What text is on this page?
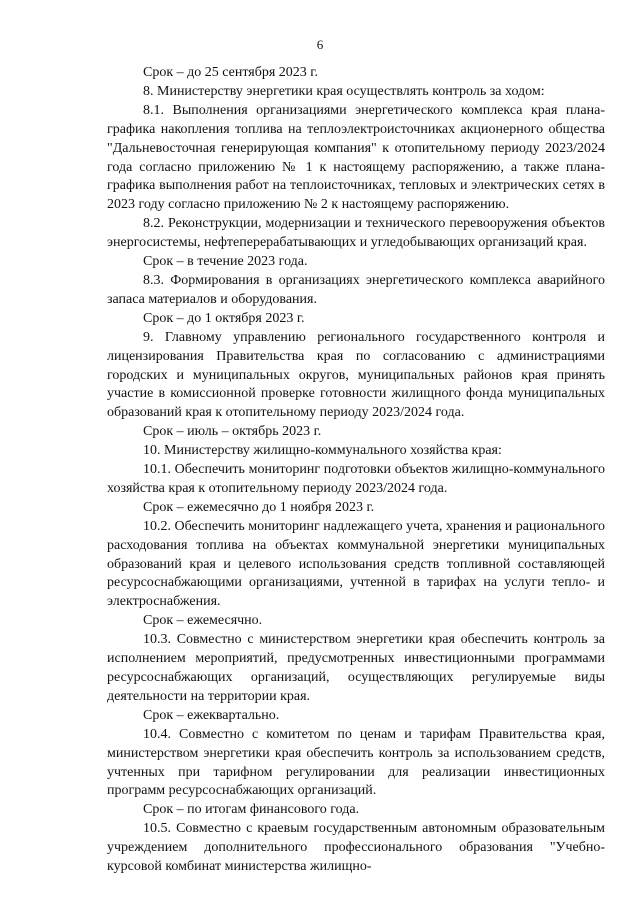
6

Срок – до 25 сентября 2023 г.

8. Министерству энергетики края осуществлять контроль за ходом:

8.1. Выполнения организациями энергетического комплекса края плана-графика накопления топлива на теплоэлектроисточниках акционерного общества "Дальневосточная генерирующая компания" к отопительному периоду 2023/2024 года согласно приложению № 1 к настоящему распоряжению, а также плана-графика выполнения работ на теплоисточниках, тепловых и электрических сетях в 2023 году согласно приложению № 2 к настоящему распоряжению.

8.2. Реконструкции, модернизации и технического перевооружения объектов энергосистемы, нефтеперерабатывающих и угледобывающих организаций края.

Срок – в течение 2023 года.

8.3. Формирования в организациях энергетического комплекса аварийного запаса материалов и оборудования.

Срок – до 1 октября 2023 г.

9. Главному управлению регионального государственного контроля и лицензирования Правительства края по согласованию с администрациями городских и муниципальных округов, муниципальных районов края принять участие в комиссионной проверке готовности жилищного фонда муниципальных образований края к отопительному периоду 2023/2024 года.

Срок – июль – октябрь 2023 г.

10. Министерству жилищно-коммунального хозяйства края:

10.1. Обеспечить мониторинг подготовки объектов жилищно-коммунального хозяйства края к отопительному периоду 2023/2024 года.

Срок – ежемесячно до 1 ноября 2023 г.

10.2. Обеспечить мониторинг надлежащего учета, хранения и рационального расходования топлива на объектах коммунальной энергетики муниципальных образований края и целевого использования средств топливной составляющей ресурсоснабжающими организациями, учтенной в тарифах на услуги тепло- и электроснабжения.

Срок – ежемесячно.

10.3. Совместно с министерством энергетики края обеспечить контроль за исполнением мероприятий, предусмотренных инвестиционными программами ресурсоснабжающих организаций, осуществляющих регулируемые виды деятельности на территории края.

Срок – ежеквартально.

10.4. Совместно с комитетом по ценам и тарифам Правительства края, министерством энергетики края обеспечить контроль за использованием средств, учтенных при тарифном регулировании для реализации инвестиционных программ ресурсоснабжающих организаций.

Срок – по итогам финансового года.

10.5. Совместно с краевым государственным автономным образовательным учреждением дополнительного профессионального образования "Учебно-курсовой комбинат министерства жилищно-
